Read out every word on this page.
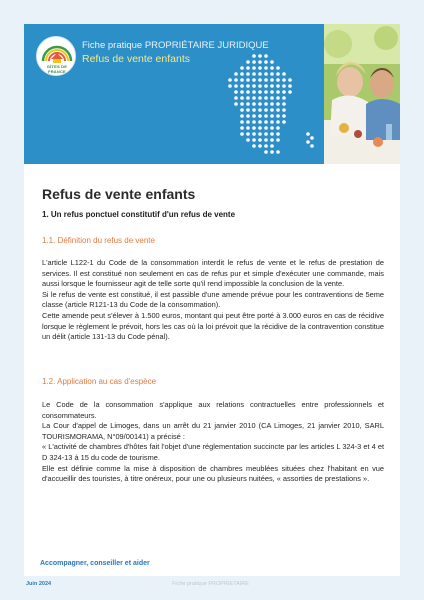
GÎTES DE FRANCE
Fiche pratique PROPRIÉTAIRE JURIDIQUE
Refus de vente enfants
Refus de vente enfants
1. Un refus ponctuel constitutif d'un refus de vente
1.1. Définition du refus de vente

L'article L122-1 du Code de la consommation interdit le refus de vente et le refus de prestation de services. Il est constitué non seulement en cas de refus pur et simple d'exécuter une commande, mais aussi lorsque le fournisseur agit de telle sorte qu'il rend impossible la conclusion de la vente.

Si le refus de vente est constitué, il est passible d'une amende prévue pour les contraventions de 5eme classe (article R121-13 du Code de la consommation).

Cette amende peut s'élever à 1.500 euros, montant qui peut être porté à 3.000 euros en cas de récidive lorsque le règlement le prévoit, hors les cas où la loi prévoit que la récidive de la contravention constitue un délit (article 131-13 du Code pénal).

1.2. Application au cas d'espèce

Le Code de la consommation s'applique aux relations contractuelles entre professionnels et consommateurs.

La Cour d'appel de Limoges, dans un arrêt du 21 janvier 2010 (CA Limoges, 21 janvier 2010, SARL TOURISMORAMA, N°09/00141) a précisé :

« L'activité de chambres d'hôtes fait l'objet d'une réglementation succincte par les articles L 324-3 et 4 et D 324-13 à 15 du code de tourisme.

Elle est définie comme la mise à disposition de chambres meublées situées chez l'habitant en vue d'accueillir des touristes, à titre onéreux, pour une ou plusieurs nuitées, « assorties de prestations ».

Accompagner, conseiller et aider
Juin 2024	Fiche pratique PROPRIETAIRE
